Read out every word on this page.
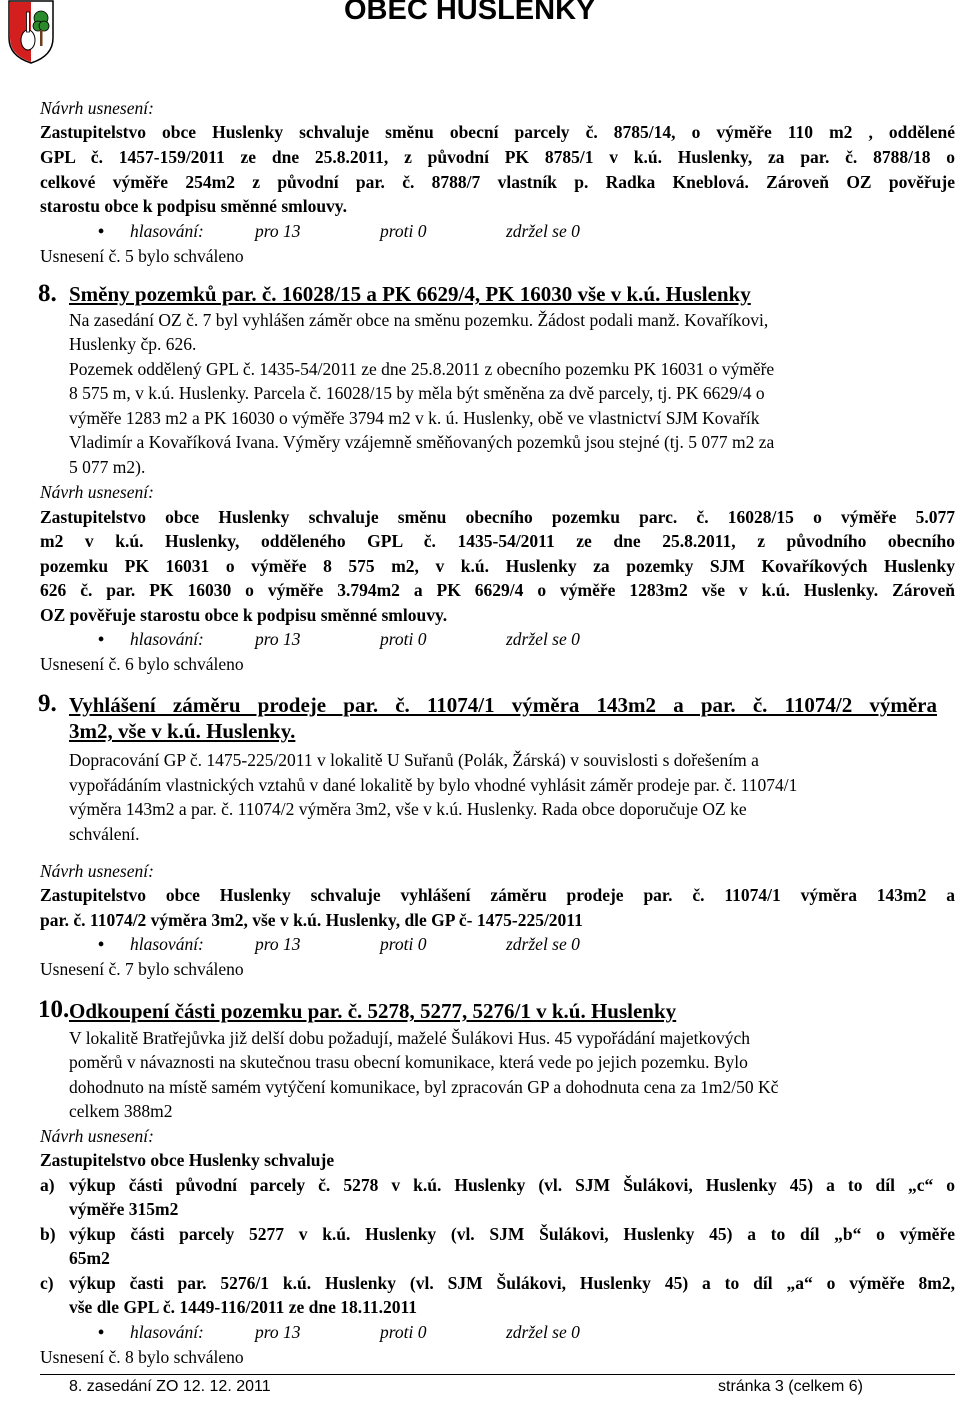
OBEC HUSLENKY
Návrh usnesení:
Zastupitelstvo obce Huslenky schvaluje směnu obecní parcely č. 8785/14, o výměře 110 m2 , oddělené
GPL č. 1457-159/2011 ze dne 25.8.2011, z původní PK 8785/1 v k.ú. Huslenky, za par. č. 8788/18 o
celkové výměře 254m2 z původní par. č. 8788/7 vlastník p. Radka Kneblová. Zároveň OZ pověřuje
starostu obce k podpisu směnné smlouvy.
• hlasování:	pro 13	proti 0	zdržel se 0
Usnesení č. 5 bylo schváleno
8. Směny pozemků par. č. 16028/15 a PK 6629/4, PK 16030 vše v k.ú. Huslenky
Na zasedání OZ č. 7 byl vyhlášen záměr obce na směnu pozemku. Žádost podali manž. Kovaříkovi,
Huslenky čp. 626.
Pozemek oddělený GPL č. 1435-54/2011 ze dne 25.8.2011 z obecního pozemku PK 16031 o výměře
8 575 m, v k.ú. Huslenky. Parcela č. 16028/15 by měla být směněna za dvě parcely, tj. PK 6629/4 o
výměře 1283 m2 a PK 16030 o výměře 3794 m2 v k. ú. Huslenky, obě ve vlastnictví SJM Kovařík
Vladimír a Kovaříková Ivana. Výměry vzájemně směňovaných pozemků jsou stejné (tj. 5 077 m2 za
5 077 m2).
Návrh usnesení:
Zastupitelstvo obce Huslenky schvaluje směnu obecního pozemku parc. č. 16028/15 o výměře 5.077
m2 v k.ú. Huslenky, odděleného GPL č. 1435-54/2011 ze dne 25.8.2011, z původního obecního
pozemku PK 16031 o výměře 8 575 m2, v k.ú. Huslenky za pozemky SJM Kovaříkových Huslenky
626 č. par. PK 16030 o výměře 3.794m2 a PK 6629/4 o výměře 1283m2 vše v k.ú. Huslenky. Zároveň
OZ pověřuje starostu obce k podpisu směnné smlouvy.
• hlasování:	pro 13	proti 0	zdržel se 0
Usnesení č. 6 bylo schváleno
9. Vyhlášení záměru prodeje par. č. 11074/1 výměra 143m2 a par. č. 11074/2 výměra
3m2, vše v k.ú. Huslenky.
Dopracování GP č. 1475-225/2011 v lokalitě U Suřanů (Polák, Žárská) v souvislosti s dořešením a
vypořádáním vlastnických vztahů v dané lokalitě by bylo vhodné vyhlásit záměr prodeje par. č. 11074/1
výměra 143m2 a par. č. 11074/2 výměra 3m2, vše v k.ú. Huslenky. Rada obce doporučuje OZ ke
schválení.
Návrh usnesení:
Zastupitelstvo obce Huslenky schvaluje vyhlášení záměru prodeje par. č. 11074/1 výměra 143m2 a
par. č. 11074/2 výměra 3m2, vše v k.ú. Huslenky, dle GP č- 1475-225/2011
• hlasování:	pro 13	proti 0	zdržel se 0
Usnesení č. 7 bylo schváleno
10. Odkoupení části pozemku par. č. 5278, 5277, 5276/1 v k.ú. Huslenky
V lokalitě Bratřejůvka již delší dobu požadují, maželé Šulákovi Hus. 45 vypořádání majetkových
poměrů v návaznosti na skutečnou trasu obecní komunikace, která vede po jejich pozemku. Bylo
dohodnuto na místě samém vytýčení komunikace, byl zpracován GP a dohodnuta cena za 1m2/50 Kč
celkem 388m2
Návrh usnesení:
Zastupitelstvo obce Huslenky schvaluje
a) výkup části původní parcely č. 5278 v k.ú. Huslenky (vl. SJM Šulákovi, Huslenky 45) a to díl „c“ o
výměře 315m2
b) výkup části parcely 5277 v k.ú. Huslenky (vl. SJM Šulákovi, Huslenky 45) a to díl „b“ o výměře
65m2
c) výkup časti par. 5276/1 k.ú. Huslenky (vl. SJM Šulákovi, Huslenky 45) a to díl „a“ o výměře 8m2,
vše dle GPL č. 1449-116/2011 ze dne 18.11.2011
• hlasování:	pro 13	proti 0	zdržel se 0
Usnesení č. 8 bylo schváleno
8. zasedání ZO 12. 12. 2011	stránka 3 (celkem 6)
